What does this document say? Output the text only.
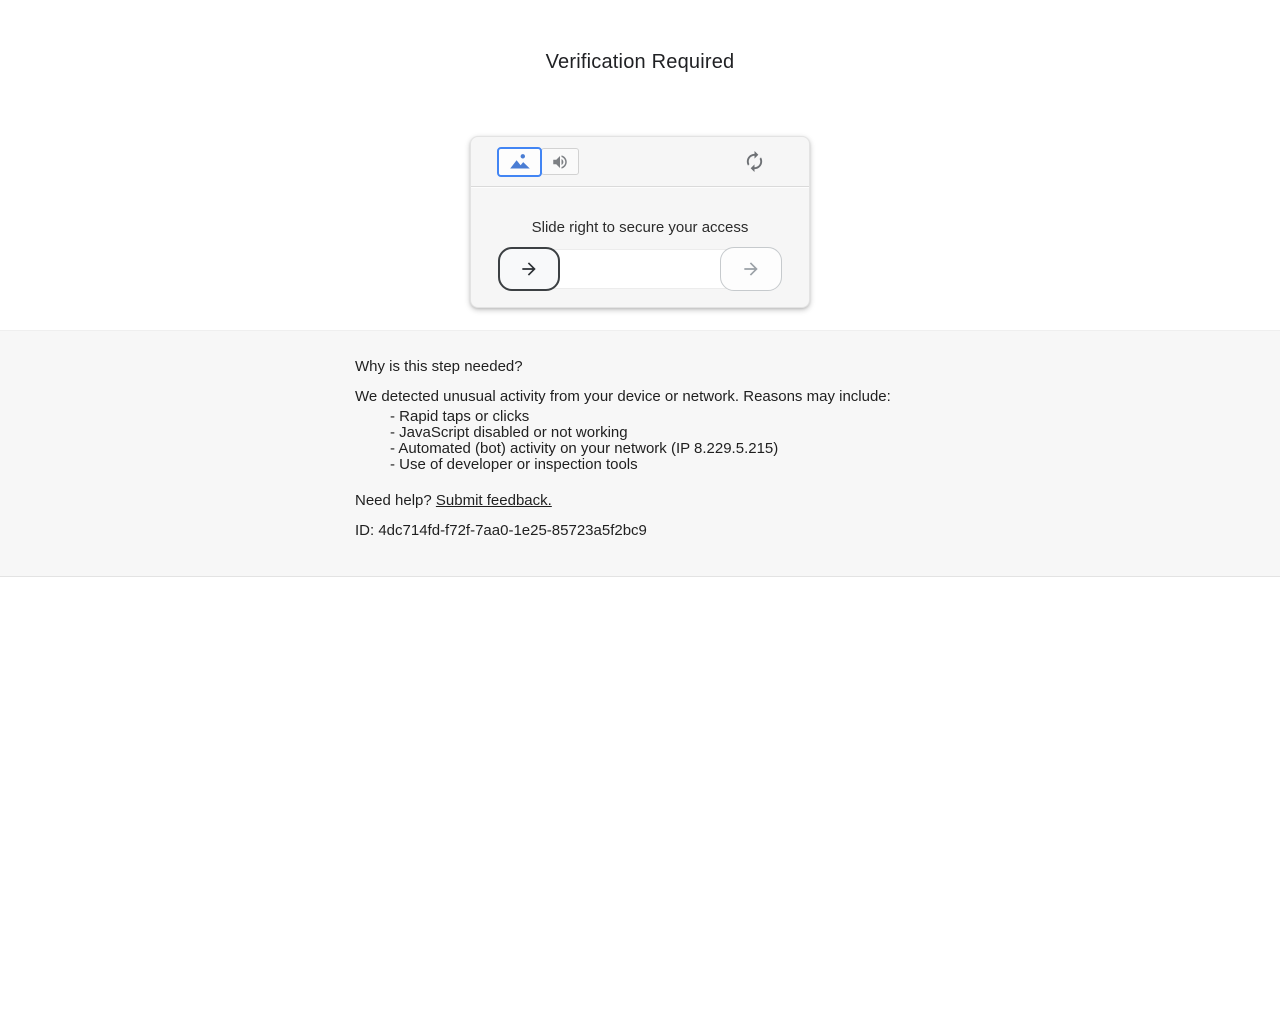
Verification Required
Slide right to secure your access
Why is this step needed?
We detected unusual activity from your device or network. Reasons may include:
- Rapid taps or clicks
- JavaScript disabled or not working
- Automated (bot) activity on your network (IP 8.229.5.215)
- Use of developer or inspection tools
Need help? Submit feedback.
ID: 4dc714fd-f72f-7aa0-1e25-85723a5f2bc9
